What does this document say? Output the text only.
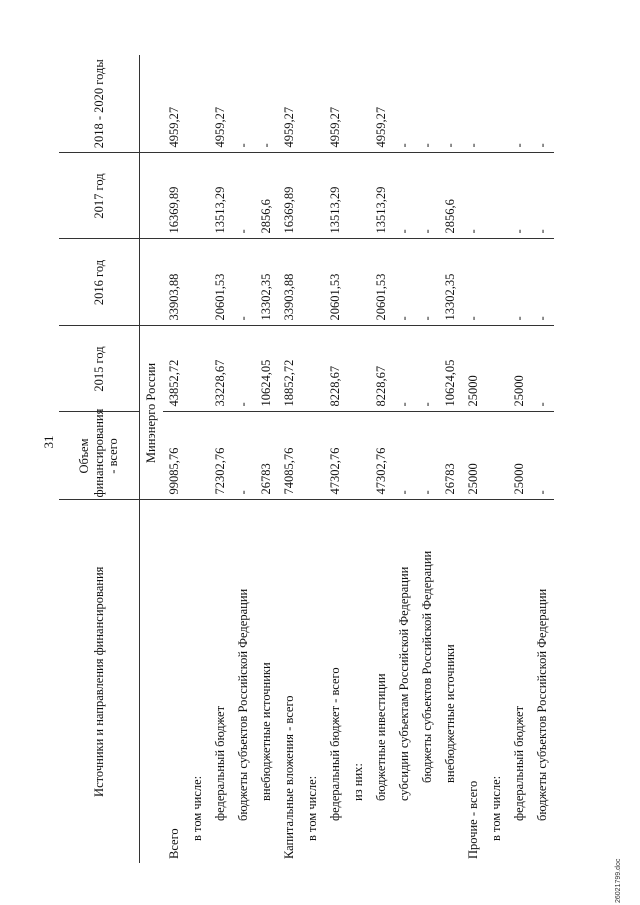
31
Источники и направления финансирования	Объем финансирования - всего	2015 год	2016 год	2017 год	2018 - 2020 годы
	Минэнерго России				
Всего	99085,76	43852,72	33903,88	16369,89	4959,27
в том числе:					
федеральный бюджет	72302,76	33228,67	20601,53	13513,29	4959,27
бюджеты субъектов Российской Федерации	-	-	-	-	-
внебюджетные источники	26783	10624,05	13302,35	2856,6	-
Капитальные вложения - всего	74085,76	18852,72	33903,88	16369,89	4959,27
в том числе:					
федеральный бюджет - всего	47302,76	8228,67	20601,53	13513,29	4959,27
из них:					
бюджетные инвестиции	47302,76	8228,67	20601,53	13513,29	4959,27
субсидии субъектам Российской Федерации	-	-	-	-	-
бюджеты субъектов Российской Федерации	-	-	-	-	-
внебюджетные источники	26783	10624,05	13302,35	2856,6	-
Прочие - всего	25000	25000	-	-	-
в том числе:					
федеральный бюджет	25000	25000	-	-	-
бюджеты субъектов Российской Федерации	-	-	-	-	-
26021799.doc
